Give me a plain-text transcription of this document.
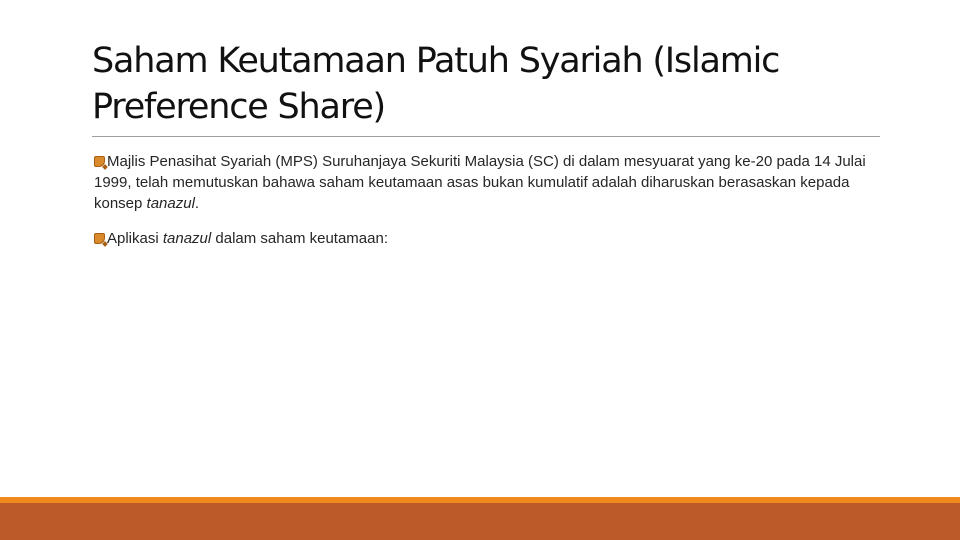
Saham Keutamaan Patuh Syariah (Islamic Preference Share)
Majlis Penasihat Syariah (MPS) Suruhanjaya Sekuriti Malaysia (SC) di dalam mesyuarat yang ke-20 pada 14 Julai 1999, telah memutuskan bahawa saham keutamaan asas bukan kumulatif adalah diharuskan berasaskan kepada konsep tanazul.
Aplikasi tanazul dalam saham keutamaan:
